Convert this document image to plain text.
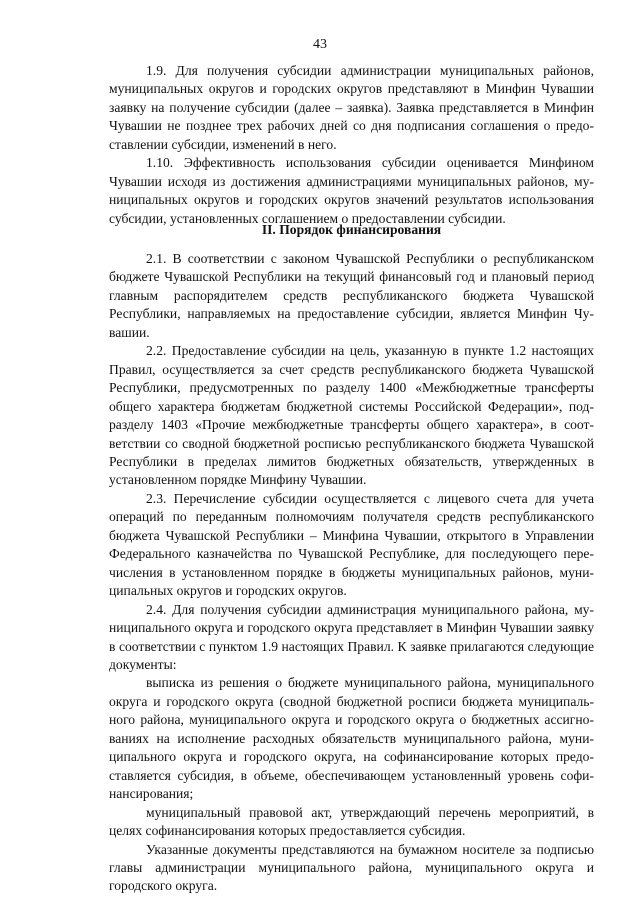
43

1.9. Для получения субсидии администрации муниципальных районов, муниципальных округов и городских округов представляют в Минфин Чувашии заявку на получение субсидии (далее – заявка). Заявка представляется в Минфин Чувашии не позднее трех рабочих дней со дня подписания соглашения о предоставлении субсидии, изменений в него.

1.10. Эффективность использования субсидии оценивается Минфином Чувашии исходя из достижения администрациями муниципальных районов, муниципальных округов и городских округов значений результатов использования субсидии, установленных соглашением о предоставлении субсидии.

II. Порядок финансирования

2.1. В соответствии с законом Чувашской Республики о республиканском бюджете Чувашской Республики на текущий финансовый год и плановый период главным распорядителем средств республиканского бюджета Чувашской Республики, направляемых на предоставление субсидии, является Минфин Чувашии.

2.2. Предоставление субсидии на цель, указанную в пункте 1.2 настоящих Правил, осуществляется за счет средств республиканского бюджета Чувашской Республики, предусмотренных по разделу 1400 «Межбюджетные трансферты общего характера бюджетам бюджетной системы Российской Федерации», подразделу 1403 «Прочие межбюджетные трансферты общего характера», в соответствии со сводной бюджетной росписью республиканского бюджета Чувашской Республики в пределах лимитов бюджетных обязательств, утвержденных в установленном порядке Минфину Чувашии.

2.3. Перечисление субсидии осуществляется с лицевого счета для учета операций по переданным полномочиям получателя средств республиканского бюджета Чувашской Республики – Минфина Чувашии, открытого в Управлении Федерального казначейства по Чувашской Республике, для последующего перечисления в установленном порядке в бюджеты муниципальных районов, муниципальных округов и городских округов.

2.4. Для получения субсидии администрация муниципального района, муниципального округа и городского округа представляет в Минфин Чувашии заявку в соответствии с пунктом 1.9 настоящих Правил. К заявке прилагаются следующие документы:

выписка из решения о бюджете муниципального района, муниципального округа и городского округа (сводной бюджетной росписи бюджета муниципального района, муниципального округа и городского округа о бюджетных ассигнованиях на исполнение расходных обязательств муниципального района, муниципального округа и городского округа, на софинансирование которых предоставляется субсидия, в объеме, обеспечивающем установленный уровень софинансирования;

муниципальный правовой акт, утверждающий перечень мероприятий, в целях софинансирования которых предоставляется субсидия.

Указанные документы представляются на бумажном носителе за подписью главы администрации муниципального района, муниципального округа и городского округа.
